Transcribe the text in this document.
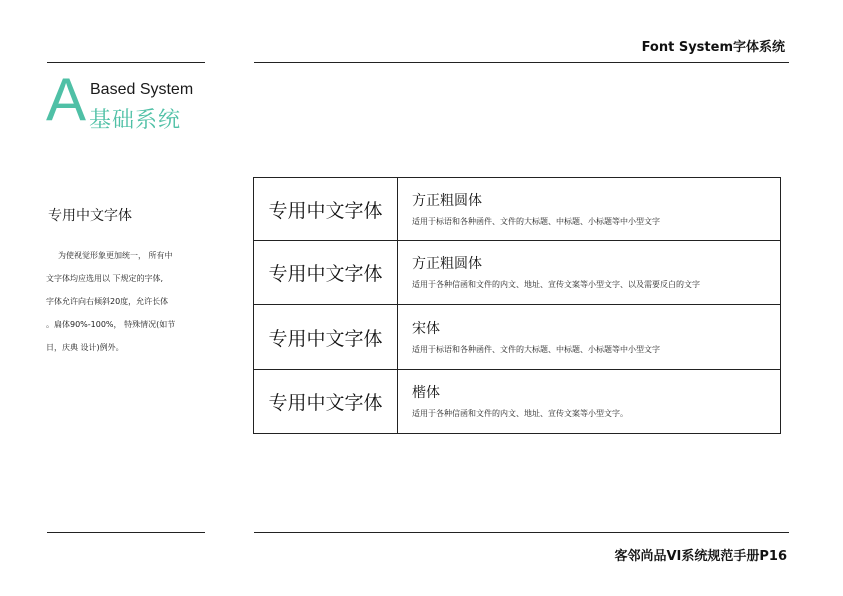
Font System字体系统
A Based System
基础系统
专用中文字体
为使视觉形象更加统一， 所有中
文字体均应选用以 下规定的字体,
字体允许向右倾斜20度，允许长体
。扁体90%-100%， 特殊情况(如节
日，庆典 设计)例外。
专用中文字体	方正粗圆体
适用于标语和各种函件、文件的大标题、中标题、小标题等中小型文字

专用中文字体	方正粗圆体
适用于各种信函和文件的内文、地址、宣传文案等小型文字、以及需要反白的文字

专用中文字体	宋体
适用于标语和各种函件、文件的大标题、中标题、小标题等中小型文字

专用中文字体	楷体
适用于各种信函和文件的内文、地址、宣传文案等小型文字。
客邻尚品VI系统规范手册P16
